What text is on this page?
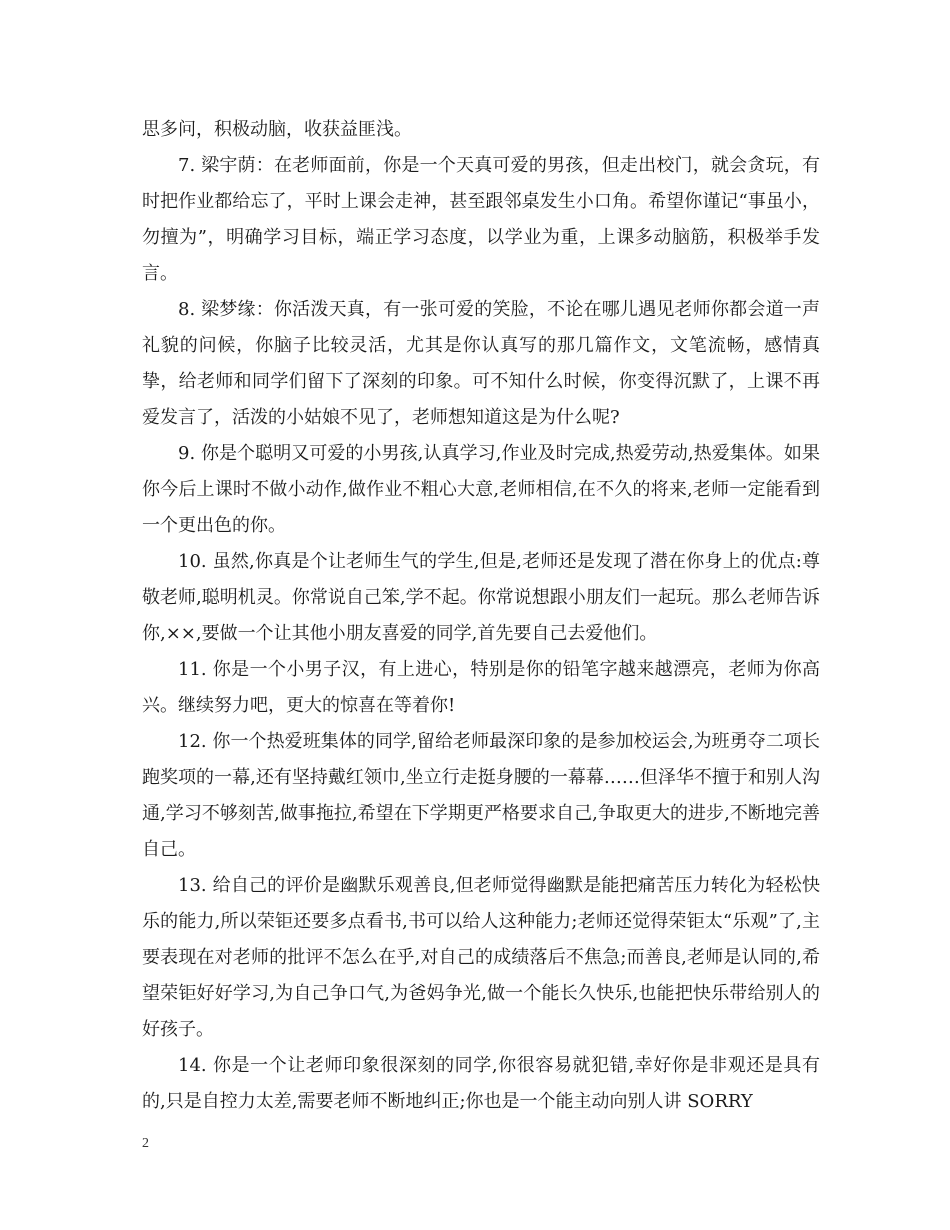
思多问，积极动脑，收获益匪浅。

7. 梁宇荫：在老师面前，你是一个天真可爱的男孩，但走出校门，就会贪玩，有时把作业都给忘了，平时上课会走神，甚至跟邻桌发生小口角。希望你谨记“事虽小，勿擅为”，明确学习目标，端正学习态度，以学业为重，上课多动脑筋，积极举手发言。

8. 梁梦缘：你活泼天真，有一张可爱的笑脸，不论在哪儿遇见老师你都会道一声礼貌的问候，你脑子比较灵活，尤其是你认真写的那几篇作文，文笔流畅，感情真挚，给老师和同学们留下了深刻的印象。可不知什么时候，你变得沉默了，上课不再爱发言了，活泼的小姑娘不见了，老师想知道这是为什么呢?

9. 你是个聪明又可爱的小男孩,认真学习,作业及时完成,热爱劳动,热爱集体。如果你今后上课时不做小动作,做作业不粗心大意,老师相信,在不久的将来,老师一定能看到一个更出色的你。

10. 虽然,你真是个让老师生气的学生,但是,老师还是发现了潜在你身上的优点:尊敬老师,聪明机灵。你常说自己笨,学不起。你常说想跟小朋友们一起玩。那么老师告诉你,××,要做一个让其他小朋友喜爱的同学,首先要自己去爱他们。

11. 你是一个小男子汉，有上进心，特别是你的铅笔字越来越漂亮，老师为你高兴。继续努力吧，更大的惊喜在等着你!

12. 你一个热爱班集体的同学,留给老师最深印象的是参加校运会,为班勇夺二项长跑奖项的一幕,还有坚持戴红领巾,坐立行走挺身腰的一幕幕……但泽华不擅于和别人沟通,学习不够刻苦,做事拖拉,希望在下学期更严格要求自己,争取更大的进步,不断地完善自己。

13. 给自己的评价是幽默乐观善良,但老师觉得幽默是能把痛苦压力转化为轻松快乐的能力,所以荣钜还要多点看书,书可以给人这种能力;老师还觉得荣钜太“乐观”了,主要表现在对老师的批评不怎么在乎,对自己的成绩落后不焦急;而善良,老师是认同的,希望荣钜好好学习,为自己争口气,为爸妈争光,做一个能长久快乐,也能把快乐带给别人的好孩子。

14. 你是一个让老师印象很深刻的同学,你很容易就犯错,幸好你是非观还是具有的,只是自控力太差,需要老师不断地纠正;你也是一个能主动向别人讲 SORRY

2
